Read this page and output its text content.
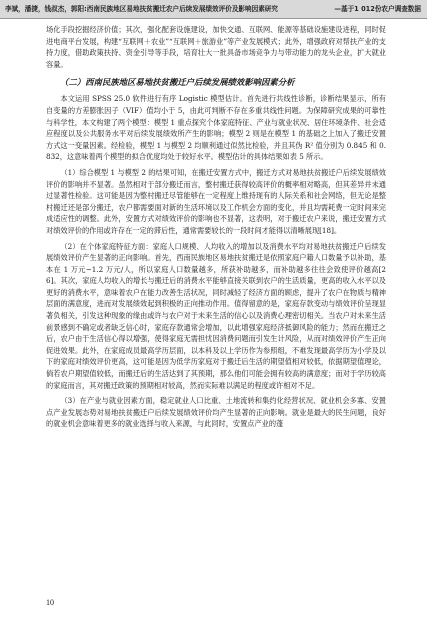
李斌，潘捷，钱叔杰，郭阳:西南民族地区易地扶贫搬迁农户后续发展绩效评价及影响因素研究	—基于1 012份农户调查数据

场化手段挖掘经济价值；其次，强化配套设施建设，加快交通、互联网、能源等基础设施建设进程，同时促进电商平台发展，构建“互联网＋农业”“互联网＋旅游业”等产业发展模式；此外，增强政府对帮扶产业的支持力度，借助政策扶持、资金引导等手段，培育壮大一批具备市场竞争力与带动能力的龙头企业，扩大就业容量。

（二）西南民族地区易地扶贫搬迁户后续发展绩效影响因素分析

本文运用 SPSS 25.0 软件进行有序 Logistic 模型估计。首先进行共线性诊断，诊断结果显示，所有自变量的方差膨胀因子（VIF）值均小于 5，由此可判断不存在多重共线性问题。为保障研究成果的可靠性与科学性，本文构建了两个模型：模型 1 重点探究个体家庭特征、产业与就业状况、居住环境条件、社会适应程度以及公共服务水平对后续发展绩效所产生的影响；模型 2 则是在模型 1 的基础之上加入了搬迁安置方式这一变量因素。经检验，模型 1 与模型 2 均顺利通过似然比检验，并且其伪 R² 值分别为 0.845 和 0.832，这意味着两个模型的拟合优度均处于较好水平。模型估计的具体结果如表 5 所示。

（1）综合模型 1 与模型 2 的结果可知，在搬迁安置方式中，搬迁方式对易地扶贫搬迁户后续发展绩效评价的影响并不显著。虽然相对于部分搬迁而言，整村搬迁获得较高评价的概率相对略高，但其差异并未通过显著性检验。这可能是因为整村搬迁尽管能够在一定程度上维持现有的人际关系和社会网络，但无论是整村搬迁还是部分搬迁，农户都需要面对新的生活环境以及工作机会方面的变化，并且均需耗费一定时间来完成适应性的调整。此外，安置方式对绩效评价的影响也不显著，这表明，对于搬迁农户来说，搬迁安置方式对绩效评价的作用或许存在一定的滞后性，通常需要较长的一段时间才能得以清晰展现[18]。

（2）在个体家庭特征方面：家庭人口规模、人均收入的增加以及消费水平均对易地扶贫搬迁户后续发展绩效评价产生显著的正向影响。首先，西南民族地区易地扶贫搬迁是依照家庭户籍人口数量予以补助，基本在 1 万元~1.2 万元/人，所以家庭人口数量越多，所获补助越多，而补助越多往往会致使评价越高[26]。其次，家庭人均收入的增长与搬迁后的消费水平能够直接关联到农户的生活质量，更高的收入水平以及更好的消费水平，意味着农户在能力改善生活状况，同时减轻了经济方面的顾虑，提升了农户在物质与精神层面的满意度，进而对发展绩效起到积极的正向推动作用。值得留意的是，家庭存款变动与绩效评价呈现显著负相关，引发这种现象的缘由或许与农户对于未来生活的信心以及消费心理密切相关。当农户对未来生活前景感到不确定或者缺乏信心时，家庭存款通常会增加，以此增强家庭经济抵御风险的能力；然而在搬迁之后，农户由于生活信心得以增强，使得家庭无需担忧因消费问题而引发生计风险，从而对绩效评价产生正向促进效果。此外，在家庭成员最高学历层面，以本科及以上学历作为参照组，不难发现最高学历为小学及以下的家庭对绩效评价更高，这可能是因为低学历家庭对于搬迁后生活的期望值相对较低，依据期望值理论，倘若农户期望值较低，而搬迁后的生活达到了其预期，那么他们可能会拥有较高的满意度；而对于学历较高的家庭而言，其对搬迁政策的预期相对较高，然而实际难以满足的程度或许相对不足。

（3）在产业与就业因素方面，稳定就业人口比重、土地流转和集约化经营状况、就业机会多寡、安置点产业发展态势对易地扶贫搬迁户后续发展绩效评价均产生显著的正向影响。就业是最大的民生问题，良好的就业机会意味着更多的就业选择与收入来源，与此同时，安置点产业的蓬

10
